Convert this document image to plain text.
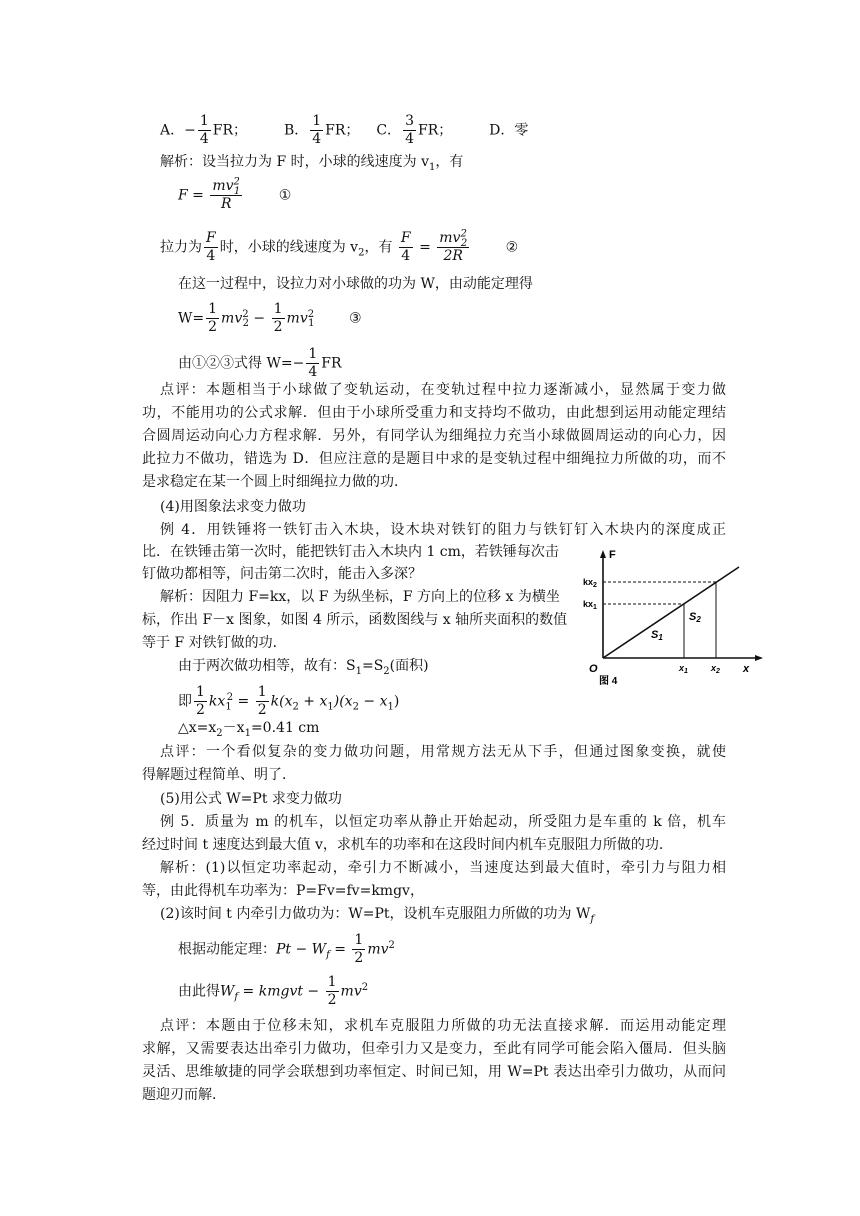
A．− $\frac{1}{4}$ FR；	B． $\frac{1}{4}$ FR； C． $\frac{3}{4}$ FR；	D．零
解析：设当拉力为 F 时，小球的线速度为 $v_1$，有
$F = \frac{mv^2_1}{R}$	①
拉力为 $\frac{F}{4}$ 时，小球的线速度为 $v_2$，有 $\frac{F}{4} = \frac{mv^2_2}{2R}$	②
在这一过程中，设拉力对小球做的功为 W，由动能定理得
$W= \frac{1}{2} mv^2_2 - \frac{1}{2} mv^2_1$ ③
由①②③式得 $W=- \frac{1}{4}$ FR
点评：本题相当于小球做了变轨运动，在变轨过程中拉力逐渐减小，显然属于变力做
功，不能用功的公式求解．但由于小球所受重力和支持均不做功，由此想到运用动能定理结
合圆周运动向心力方程求解．另外，有同学认为细绳拉力充当小球做圆周运动的向心力，因
此拉力不做功，错选为 D．但应注意的是题目中求的是变轨过程中细绳拉力所做的功，而不
是求稳定在某一个圆上时细绳拉力做的功．
(4)用图象法求变力做功
例 4．用铁锤将一铁钉击入木块，设木块对铁钉的阻力与铁钉钉入木块内的深度成正
比．在铁锤击第一次时，能把铁钉击入木块内 1 cm，若铁锤每次击
钉做功都相等，问击第二次时，能击入多深？
解析：因阻力 F=kx，以 F 为纵坐标，F 方向上的位移 x 为横坐
标，作出 F－x 图象，如图 4 所示，函数图线与 x 轴所夹面积的数值
等于 F 对铁钉做的功．
由于两次做功相等，故有：$S_1=S_2$(面积)
即 $\frac{1}{2} kx_1^2 = \frac{1}{2} k(x_2 + x_1)(x_2 - x_1)$
$\triangle x=x_2-x_1=0.41$ cm
点评：一个看似复杂的变力做功问题，用常规方法无从下手，但通过图象变换，就使
得解题过程简单、明了．
F
x
O
$kx_2$
$kx_1$
$x_1$	$x_2$
S1
S2
图 4
(5)用公式 W=Pt 求变力做功
例 5．质量为 m 的机车，以恒定功率从静止开始起动，所受阻力是车重的 k 倍，机车
经过时间 t 速度达到最大值 v，求机车的功率和在这段时间内机车克服阻力所做的功．
解析：(1)以恒定功率起动，牵引力不断减小，当速度达到最大值时，牵引力与阻力相
等，由此得机车功率为：P=Fv=fv=kmgv，
(2)该时间 t 内牵引力做功为：W=Pt，设机车克服阻力所做的功为 $W_f$
根据动能定理：$Pt - W_f = \frac{1}{2} mv^2$
由此得$W_f$ = kmgvt − $\frac{1}{2} mv^2$
点评：本题由于位移未知，求机车克服阻力所做的功无法直接求解．而运用动能定理
求解，又需要表达出牵引力做功，但牵引力又是变力，至此有同学可能会陷入僵局．但头脑
灵活、思维敏捷的同学会联想到功率恒定、时间已知，用 W=Pt 表达出牵引力做功，从而问
题迎刃而解．
